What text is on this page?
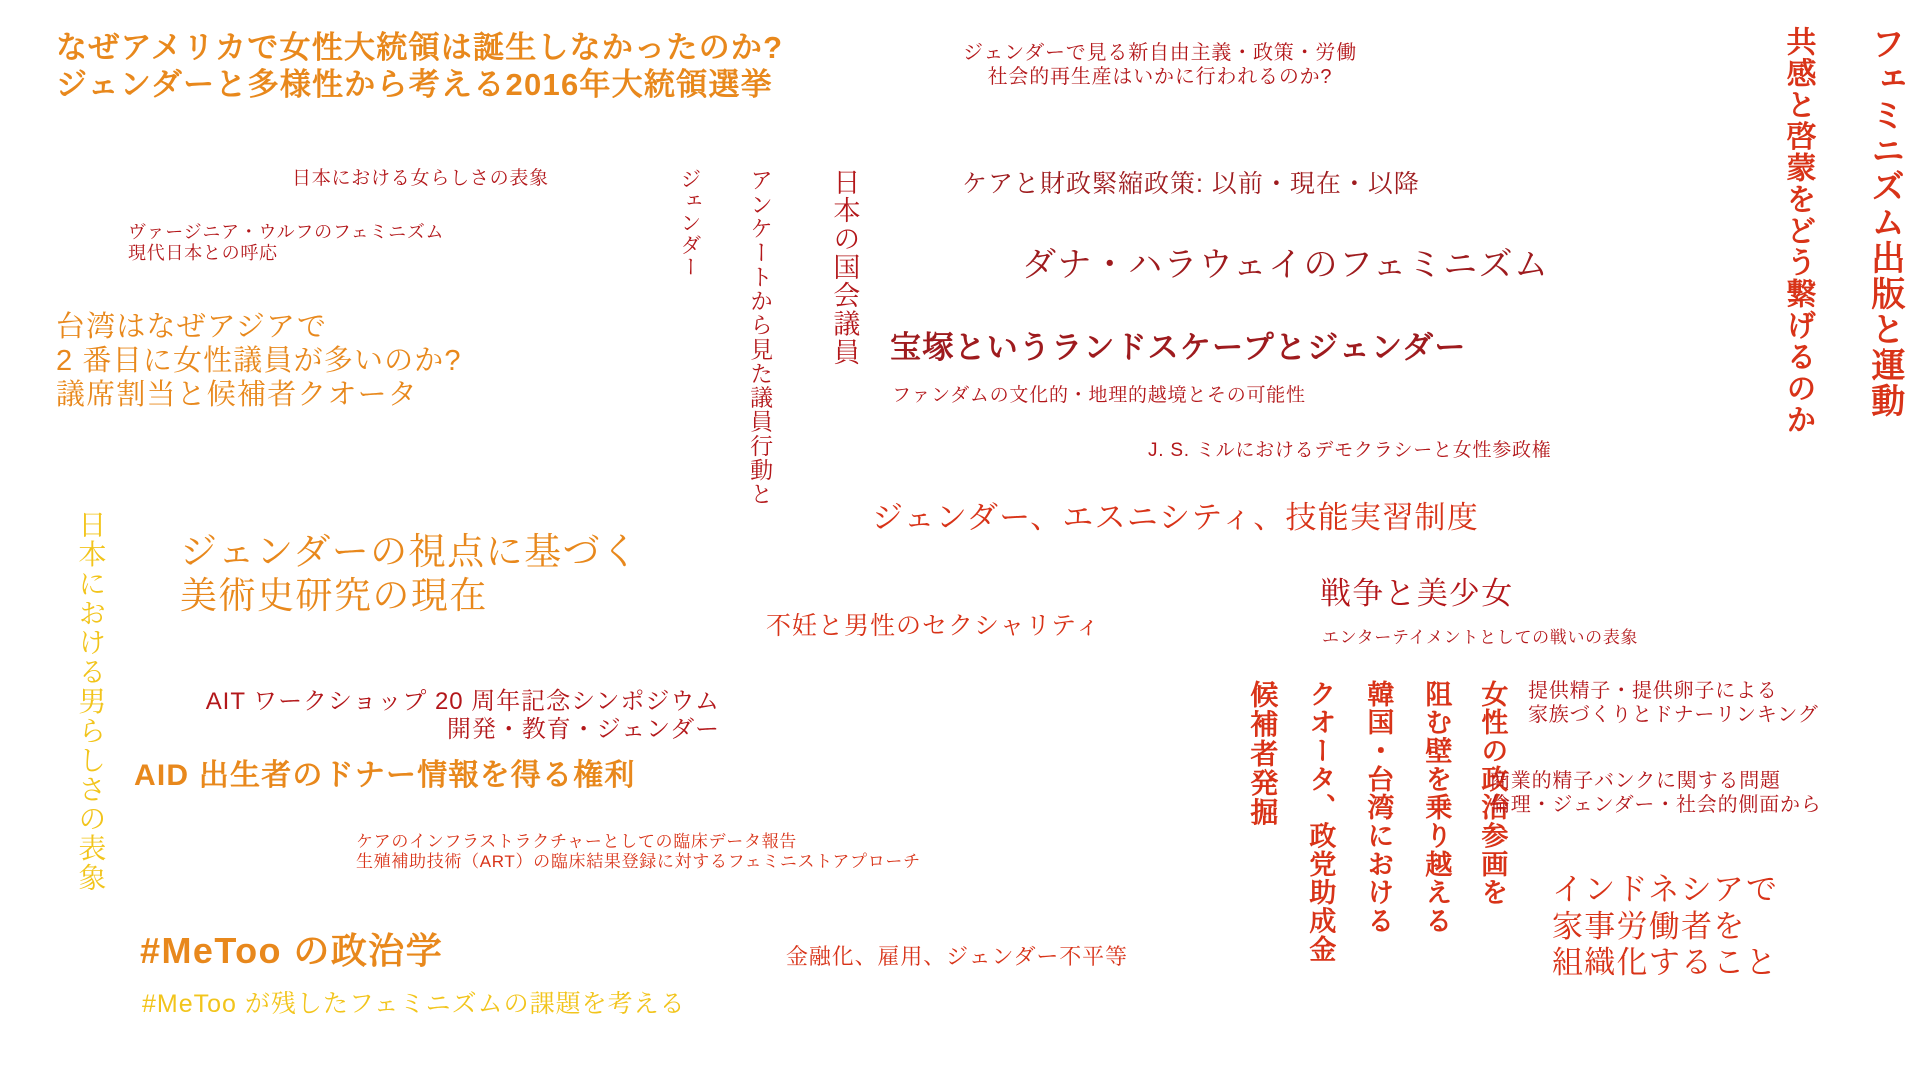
なぜアメリカで女性大統領は誕生しなかったのか?
ジェンダーと多様性から考える2016年大統領選挙
ジェンダーで見る新自由主義・政策・労働
社会的再生産はいかに行われるのか?	フェミニズム出版と運動
共感と啓蒙をどう繋げるのか
日本における女らしさの表象
ヴァージニア・ウルフのフェミニズム
現代日本との呼応
ケアと財政緊縮政策: 以前・現在・以降
日本の国会議員
アンケートから見た議員行動と
ジェンダー	ダナ・ハラウェイのフェミニズム
台湾はなぜアジアで
2 番目に女性議員が多いのか?
議席割当と候補者クオータ
宝塚というランドスケープとジェンダー
ファンダムの文化的・地理的越境とその可能性
J. S. ミルにおけるデモクラシーと女性参政権
ジェンダー、エスニシティ、技能実習制度
日本における男らしさの表象 ジェンダーの視点に基づく
美術史研究の現在	戦争と美少女
不妊と男性のセクシャリティ	エンターテイメントとしての戦いの表象
AIT ワークショップ 20 周年記念シンポジウム
開発・教育・ジェンダー	候補者発掘 クオータ、政党助成金 韓国・台湾における 阻む壁を乗り越える 女性の政治参画を 提供精子・提供卵子による
家族づくりとドナーリンキング
AID 出生者のドナー情報を得る権利	商業的精子バンクに関する問題
倫理・ジェンダー・社会的側面から
ケアのインフラストラクチャーとしての臨床データ報告
生殖補助技術（ART）の臨床結果登録に対するフェミニストアプローチ
インドネシアで
家事労働者を
組織化すること
#MeToo の政治学	金融化、雇用、ジェンダー不平等
#MeToo が残したフェミニズムの課題を考える
